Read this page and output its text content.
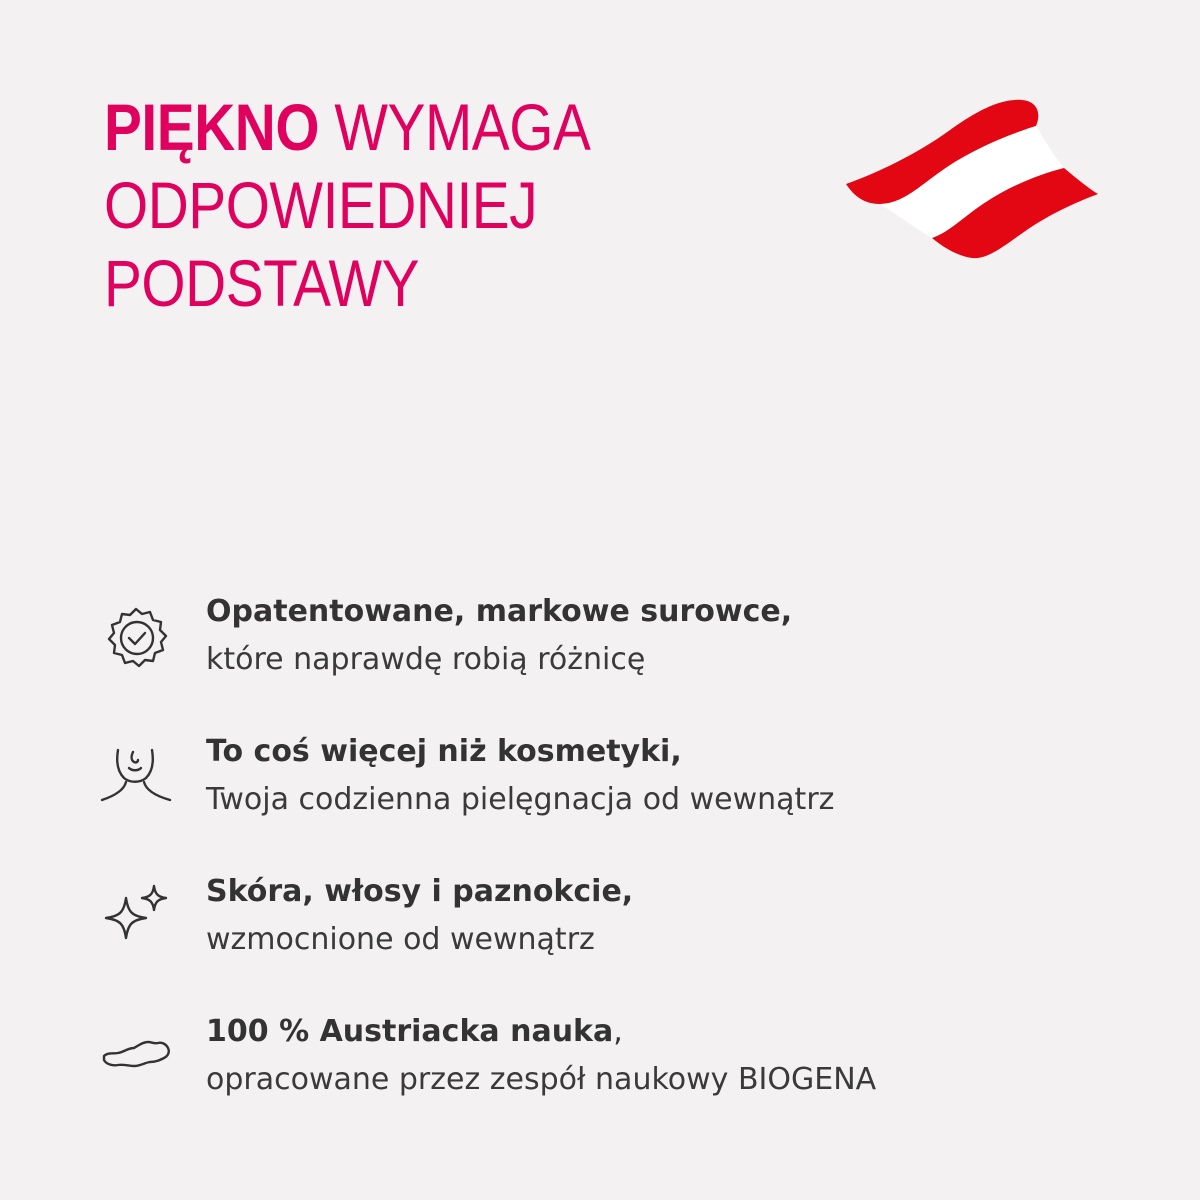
PIĘKNO WYMAGA
ODPOWIEDNIEJ
PODSTAWY
Opatentowane, markowe surowce,
które naprawdę robią różnicę
To coś więcej niż kosmetyki,
Twoja codzienna pielęgnacja od wewnątrz
Skóra, włosy i paznokcie,
wzmocnione od wewnątrz
100 % Austriacka nauka,
opracowane przez zespół naukowy BIOGENA
